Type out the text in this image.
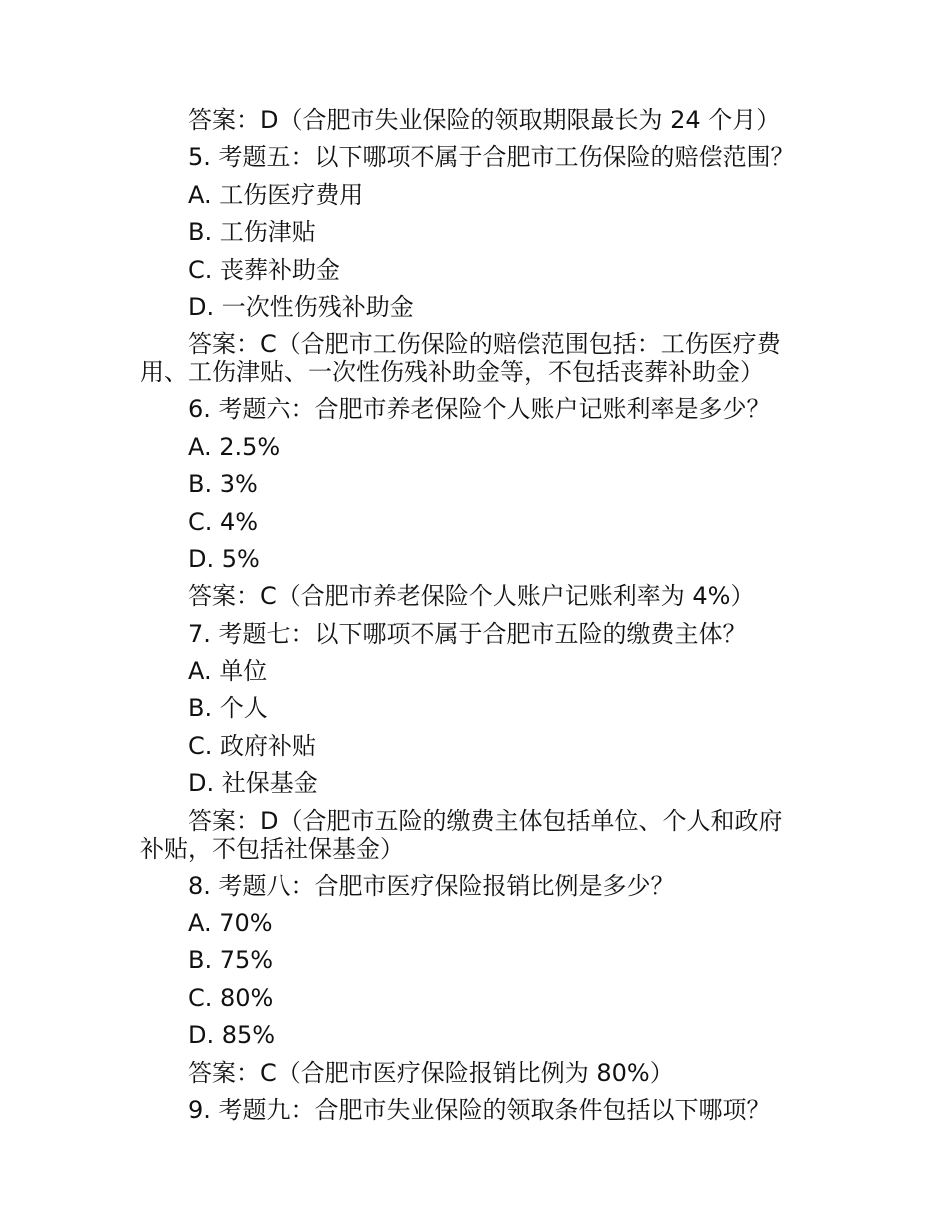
答案：D（合肥市失业保险的领取期限最长为 24 个月）
5. 考题五：以下哪项不属于合肥市工伤保险的赔偿范围？
A. 工伤医疗费用
B. 工伤津贴
C. 丧葬补助金
D. 一次性伤残补助金
答案：C（合肥市工伤保险的赔偿范围包括：工伤医疗费用、工伤津贴、一次性伤残补助金等，不包括丧葬补助金）
6. 考题六：合肥市养老保险个人账户记账利率是多少？
A. 2.5%
B. 3%
C. 4%
D. 5%
答案：C（合肥市养老保险个人账户记账利率为 4%）
7. 考题七：以下哪项不属于合肥市五险的缴费主体？
A. 单位
B. 个人
C. 政府补贴
D. 社保基金
答案：D（合肥市五险的缴费主体包括单位、个人和政府补贴，不包括社保基金）
8. 考题八：合肥市医疗保险报销比例是多少？
A. 70%
B. 75%
C. 80%
D. 85%
答案：C（合肥市医疗保险报销比例为 80%）
9. 考题九：合肥市失业保险的领取条件包括以下哪项？
